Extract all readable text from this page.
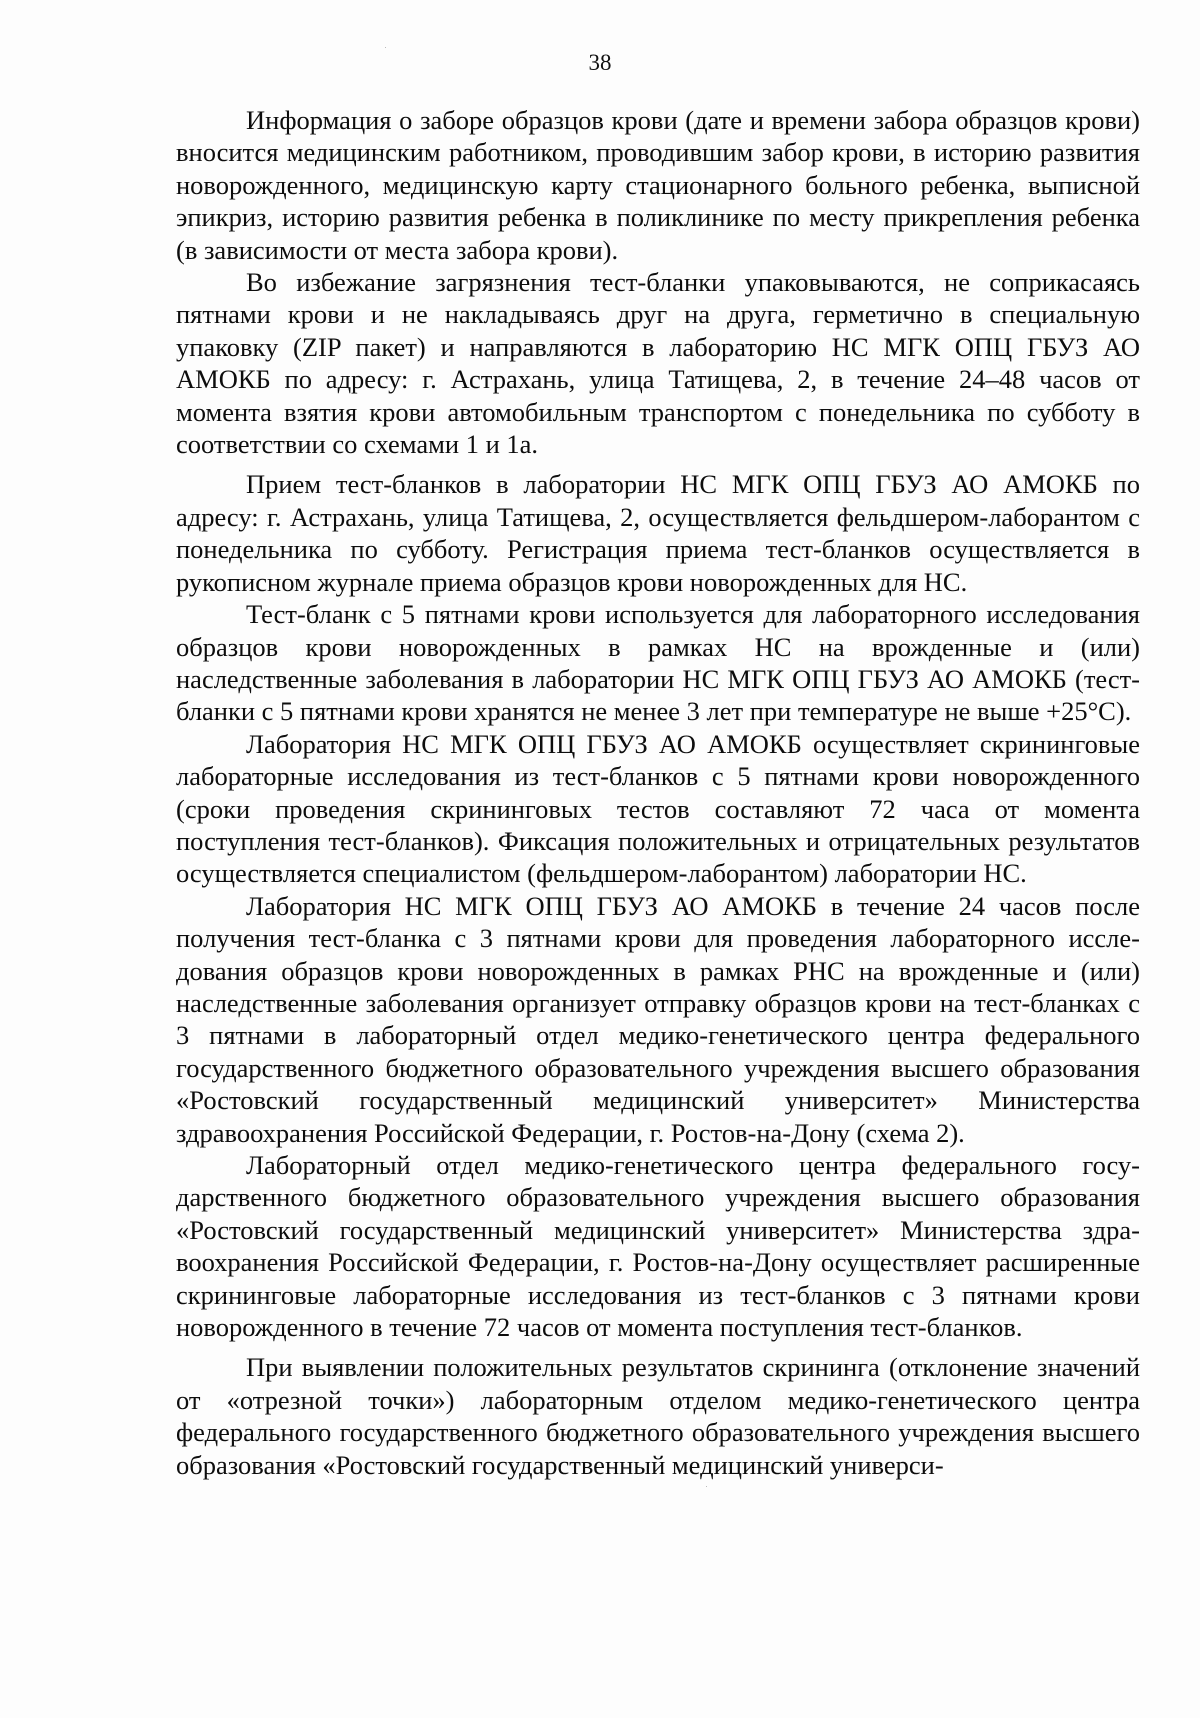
38

Информация о заборе образцов крови (дате и времени забора образцов крови) вносится медицинским работником, проводившим забор крови, в историю развития новорожденного, медицинскую карту стационарного больного ребенка, выписной эпикриз, историю развития ребенка в поликлинике по месту прикрепления ребенка (в зависимости от места забора крови).

Во избежание загрязнения тест-бланки упаковываются, не соприкасаясь пятнами крови и не накладываясь друг на друга, герметично в специальную упаковку (ZIP пакет) и направляются в лабораторию НС МГК ОПЦ ГБУЗ АО АМОКБ по адресу: г. Астрахань, улица Татищева, 2, в течение 24–48 часов от момента взятия крови автомобильным транспортом с понедельника по субботу в соответствии со схемами 1 и 1а.

Прием тест-бланков в лаборатории НС МГК ОПЦ ГБУЗ АО АМОКБ по адресу: г. Астрахань, улица Татищева, 2, осуществляется фельдшером-лаборантом с понедельника по субботу. Регистрация приема тест-бланков осуществляется в рукописном журнале приема образцов крови новорожденных для НС.

Тест-бланк с 5 пятнами крови используется для лабораторного исследования образцов крови новорожденных в рамках НС на врожденные и (или) наследственные заболевания в лаборатории НС МГК ОПЦ ГБУЗ АО АМОКБ (тест-бланки с 5 пятнами крови хранятся не менее 3 лет при температуре не выше +25°С).

Лаборатория НС МГК ОПЦ ГБУЗ АО АМОКБ осуществляет скрининговые лабораторные исследования из тест-бланков с 5 пятнами крови новорожденного (сроки проведения скрининговых тестов составляют 72 часа от момента поступления тест-бланков). Фиксация положительных и отрицательных результатов осуществляется специалистом (фельдшером-лаборантом) лаборатории НС.

Лаборатория НС МГК ОПЦ ГБУЗ АО АМОКБ в течение 24 часов после получения тест-бланка с 3 пятнами крови для проведения лабораторного исследования образцов крови новорожденных в рамках РНС на врожденные и (или) наследственные заболевания организует отправку образцов крови на тест-бланках с 3 пятнами в лабораторный отдел медико-генетического центра федерального государственного бюджетного образовательного учреждения высшего образования «Ростовский государственный медицинский университет» Министерства здравоохранения Российской Федерации, г. Ростов-на-Дону (схема 2).

Лабораторный отдел медико-генетического центра федерального государственного бюджетного образовательного учреждения высшего образования «Ростовский государственный медицинский университет» Министерства здравоохранения Российской Федерации, г. Ростов-на-Дону осуществляет расширенные скрининговые лабораторные исследования из тест-бланков с 3 пятнами крови новорожденного в течение 72 часов от момента поступления тест-бланков.

При выявлении положительных результатов скрининга (отклонение значений от «отрезной точки») лабораторным отделом медико-генетического центра федерального государственного бюджетного образовательного учреждения высшего образования «Ростовский государственный медицинский универси-
